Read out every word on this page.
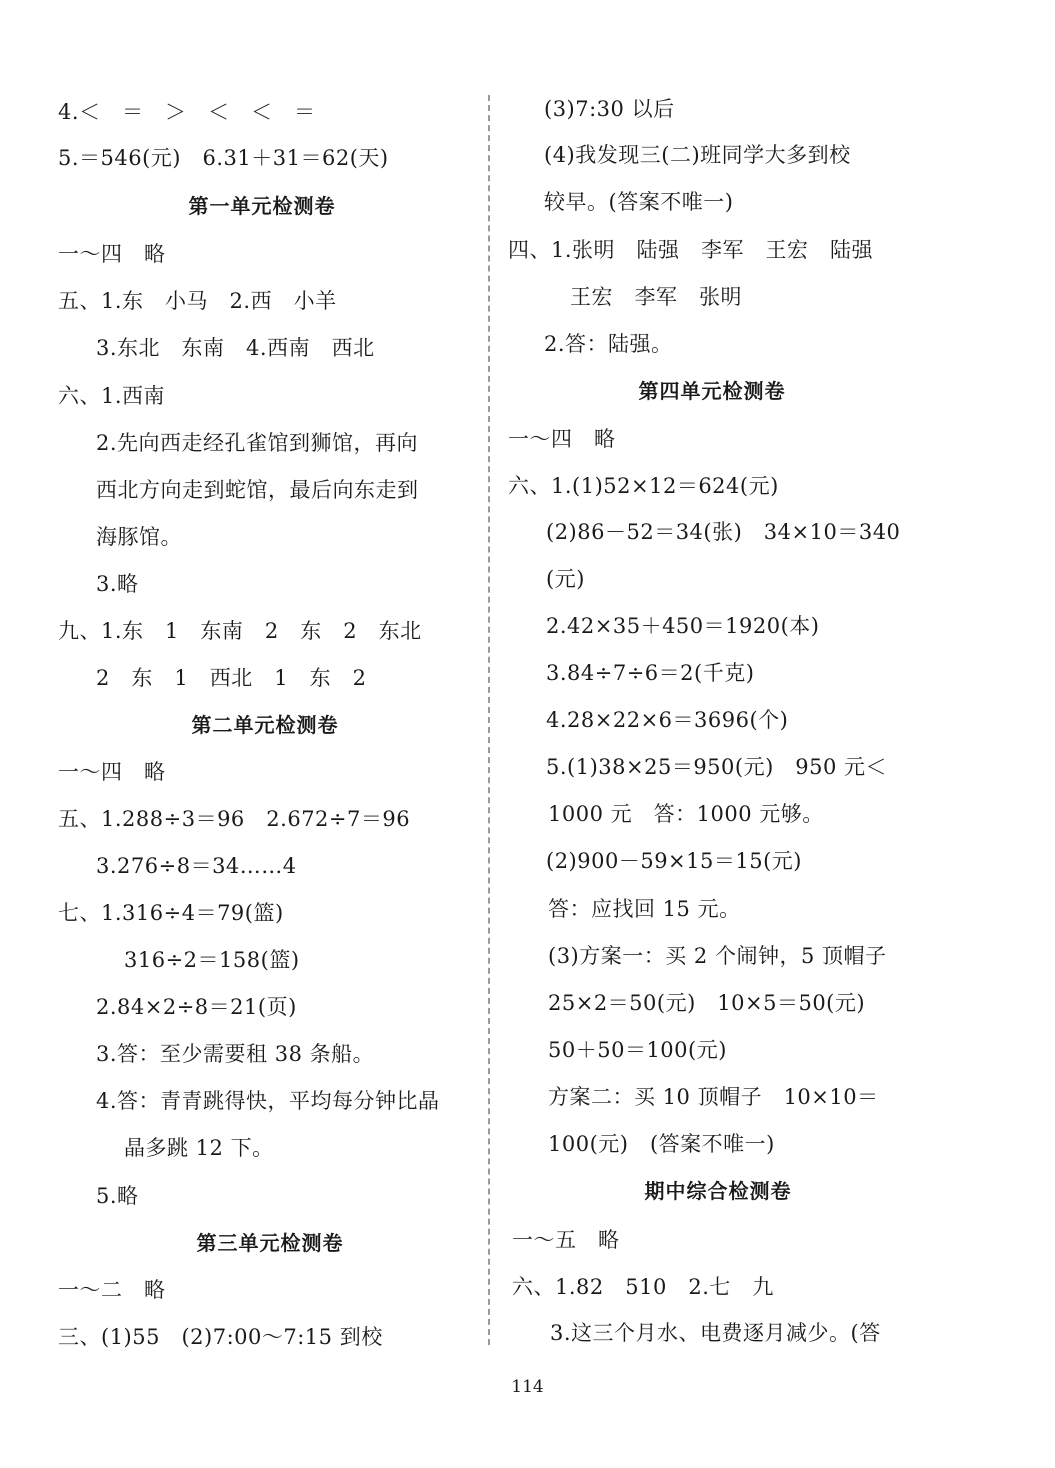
4.＜　＝　＞　＜　＜　＝
5.＝546(元)　6.31＋31＝62(天)
第一单元检测卷
一～四　略
五、1.东　小马　2.西　小羊
3.东北　东南　4.西南　西北
六、1.西南
2.先向西走经孔雀馆到狮馆，再向
西北方向走到蛇馆，最后向东走到
海豚馆。
3.略
九、1.东　1　东南　2　东　2　东北
2　东　1　西北　1　东　2
第二单元检测卷
一～四　略
五、1.288÷3＝96　2.672÷7＝96
3.276÷8＝34……4
七、1.316÷4＝79(篮)
316÷2＝158(篮)
2.84×2÷8＝21(页)
3.答：至少需要租 38 条船。
4.答：青青跳得快，平均每分钟比晶
晶多跳 12 下。
5.略
第三单元检测卷
一～二　略
三、(1)55　(2)7:00～7:15 到校
(3)7:30 以后
(4)我发现三(二)班同学大多到校
较早。(答案不唯一)
四、1.张明　陆强　李军　王宏　陆强
王宏　李军　张明
2.答：陆强。
第四单元检测卷
一～四　略
六、1.(1)52×12＝624(元)
(2)86－52＝34(张)　34×10＝340
(元)
2.42×35＋450＝1920(本)
3.84÷7÷6＝2(千克)
4.28×22×6＝3696(个)
5.(1)38×25＝950(元)　950 元＜
1000 元　答：1000 元够。
(2)900－59×15＝15(元)
答：应找回 15 元。
(3)方案一：买 2 个闹钟，5 顶帽子
25×2＝50(元)　10×5＝50(元)
50＋50＝100(元)
方案二：买 10 顶帽子　10×10＝
100(元)　(答案不唯一)
期中综合检测卷
一～五　略
六、1.82　510　2.七　九
3.这三个月水、电费逐月减少。(答
114
